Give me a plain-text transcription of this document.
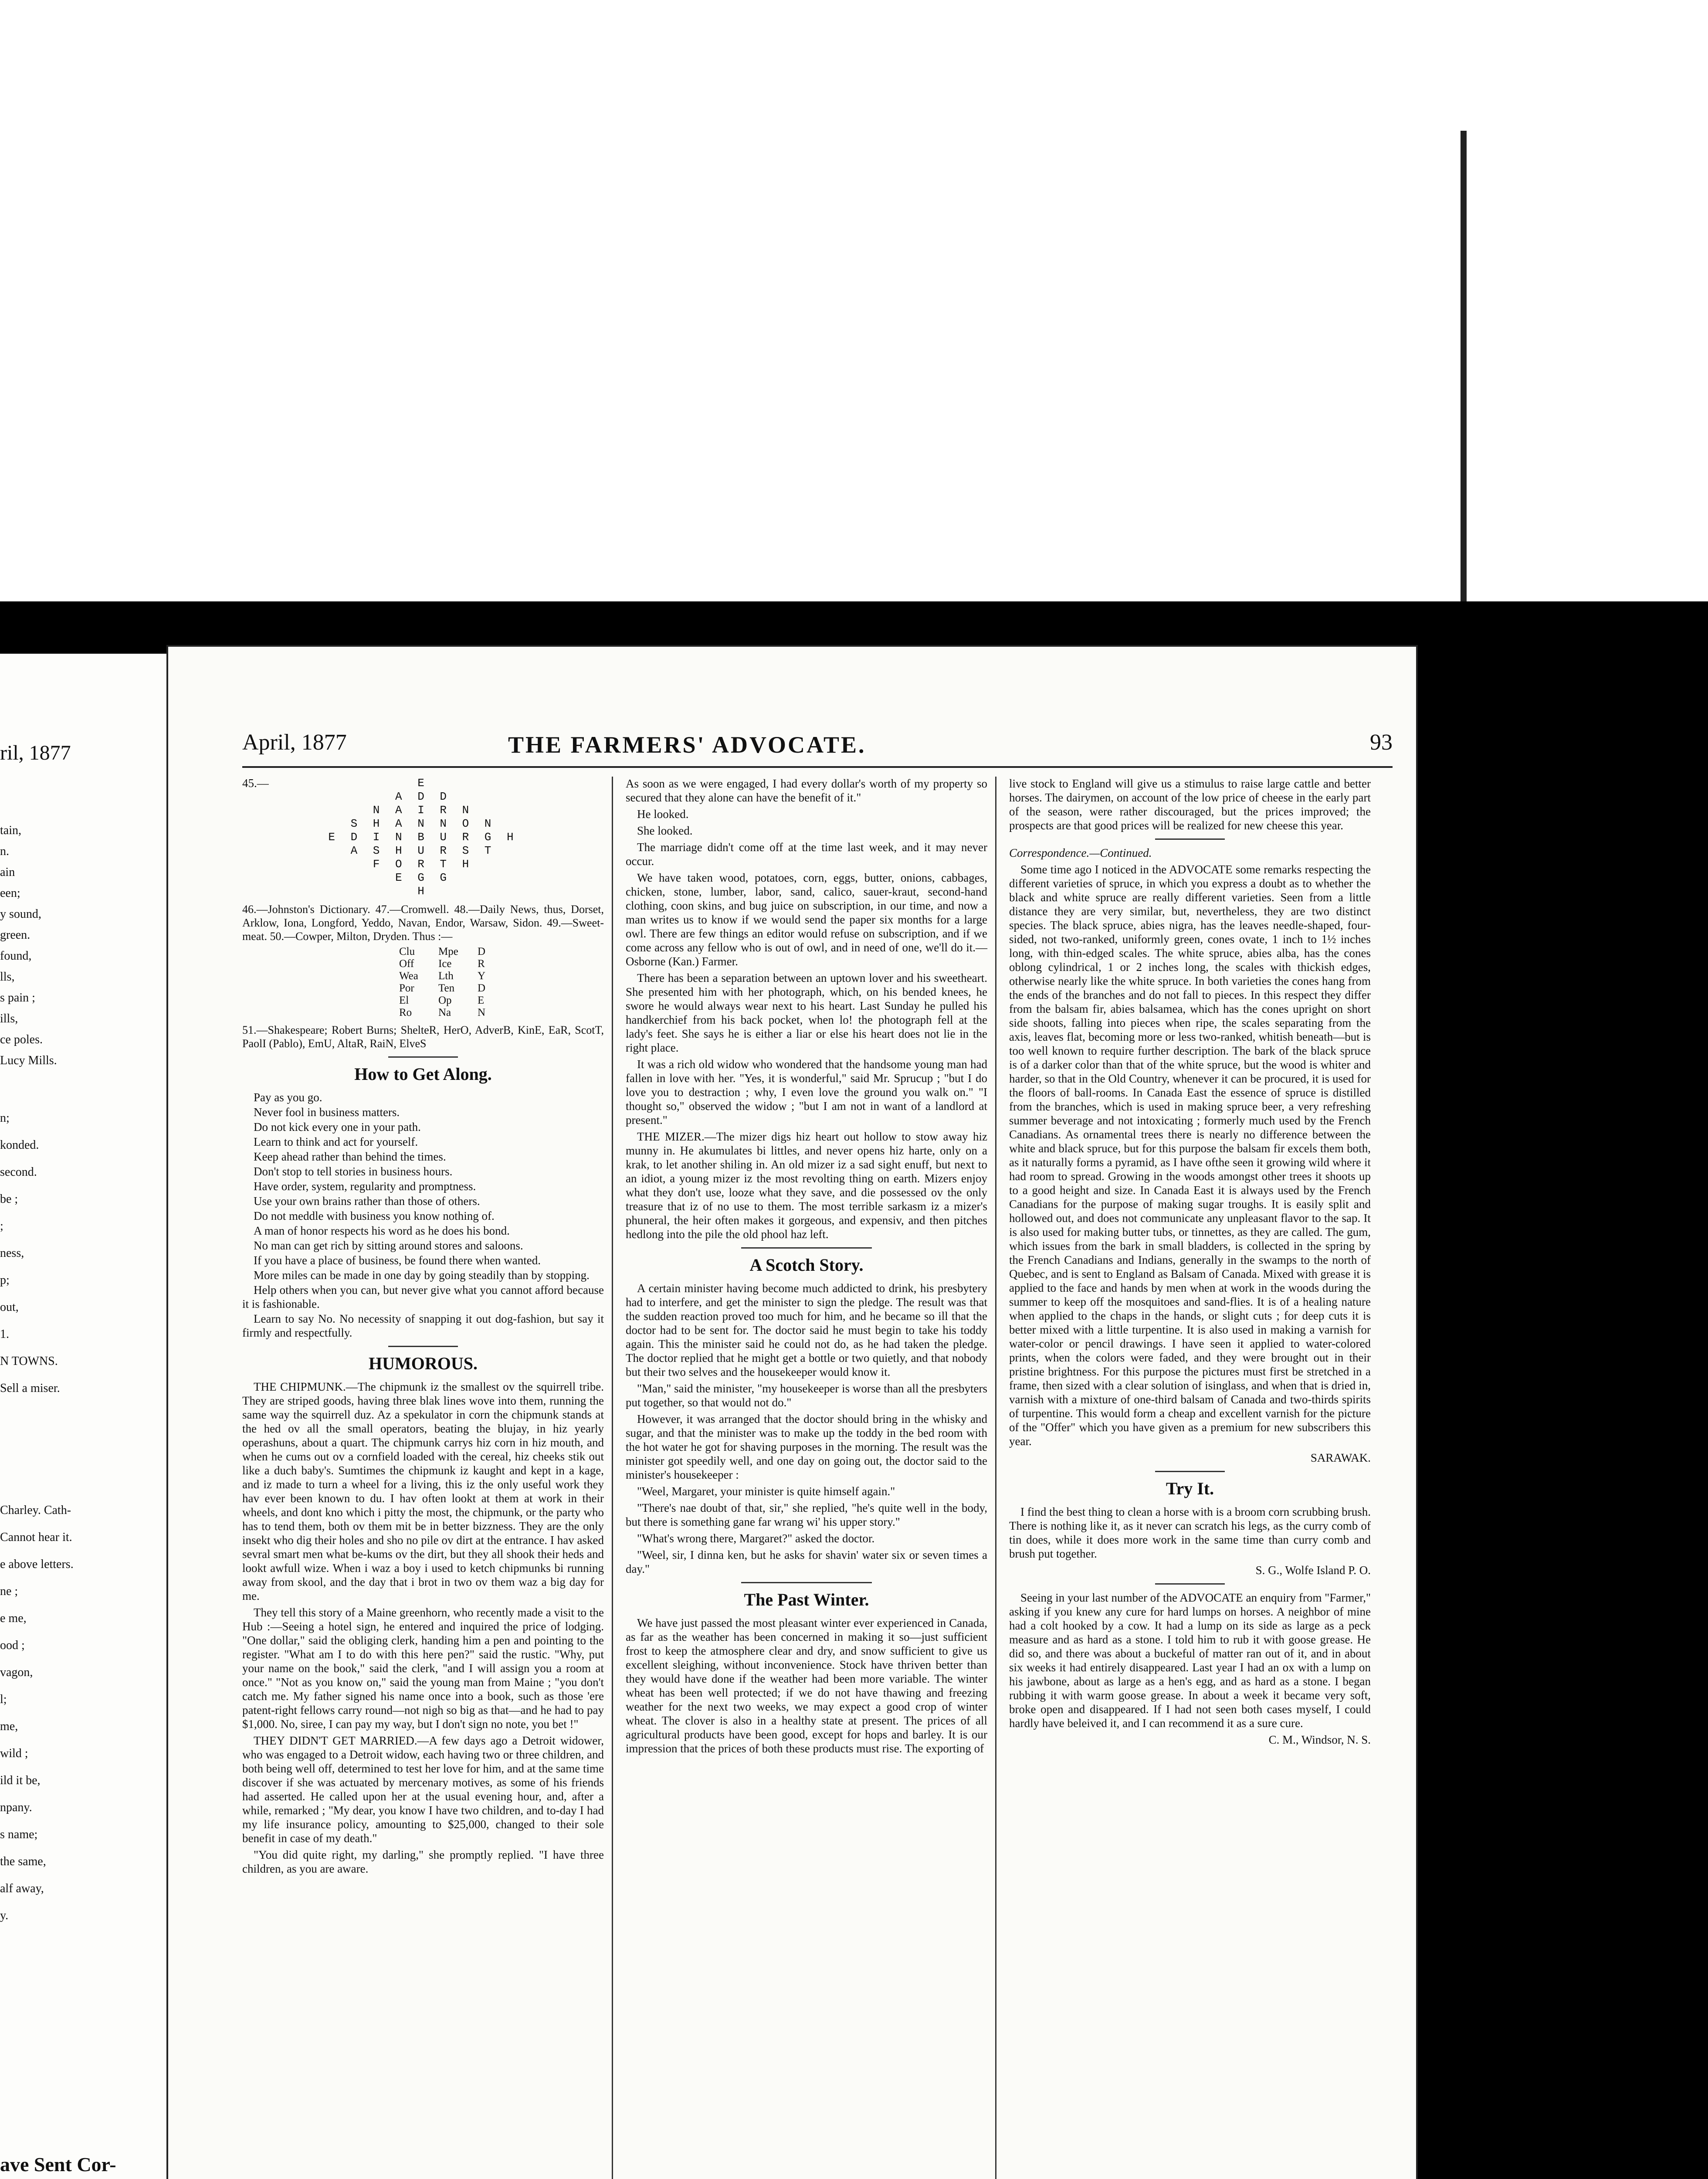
ril, 1877
tain,
n.
ain
een;
y sound,
green.
found,
lls,
s pain ;
ills,
ce poles.
Lucy Mills.
n;
konded.
second.
be ;
;
ness,
p;
out,
1.
N TOWNS.
Sell a miser.
Charley. Cath-
Cannot hear it.
e above letters.
ne ;
e me,
ood ;
vagon,
l;
me,
wild ;
ild it be,
npany.
s name;
the same,
alf away,
y.
ave Sent Cor-
April, 1877	THE FARMERS' ADVOCATE.	93
45.—	E
A D D
N A I R N
S H A N N O N
E D I N B U R G H
A S H U R S T
F O R T H
E G G
H

46.—Johnston's Dictionary. 47.—Cromwell. 48.—Daily News, thus, Dorset, Arklow, Iona, Longford, Yeddo, Navan, Endor, Warsaw, Sidon. 49.—Sweet-meat. 50.—Cowper, Milton, Dryden. Thus :—

Clu Mpe D
Off Ice R
Wea Lth Y
Por Ten D
El	Op E
Ro Na N

51.—Shakespeare; Robert Burns; SheltеR, HerO, AdverB, KinE, EaR, ScotT, PaolI (Pablo), EmU, AltaR, RaiN, ElveS

How to Get Along.

Pay as you go.

Never fool in business matters.

Do not kick every one in your path.

Learn to think and act for yourself.

Keep ahead rather than behind the times.

Don't stop to tell stories in business hours.

Have order, system, regularity and promptness.

Use your own brains rather than those of others.

Do not meddle with business you know nothing of.

A man of honor respects his word as he does his bond.

No man can get rich by sitting around stores and saloons.

If you have a place of business, be found there when wanted.

More miles can be made in one day by going steadily than by stopping.

Help others when you can, but never give what you cannot afford because it is fashionable.

Learn to say No. No necessity of snapping it out dog-fashion, but say it firmly and respectfully.

HUMOROUS.

THE CHIPMUNK.—The chipmunk iz the smallest ov the squirrell tribe. They are striped goods, having three blak lines wove into them, running the same way the squirrell duz. Az a spekulator in corn the chipmunk stands at the hed ov all the small operators, beating the blujay, in hiz yearly operashuns, about a quart. The chipmunk carrys hiz corn in hiz mouth, and when he cums out ov a cornfield loaded with the cereal, hiz cheeks stik out like a duch baby's. Sumtimes the chipmunk iz kaught and kept in a kage, and iz made to turn a wheel for a living, this iz the only useful work they hav ever been known to du. I hav often lookt at them at work in their wheels, and dont kno which i pitty the most, the chipmunk, or the party who has to tend them, both ov them mit be in better bizzness. They are the only insekt who dig their holes and sho no pile ov dirt at the entrance. I hav asked sevral smart men what be-kums ov the dirt, but they all shook their heds and lookt awfull wize. When i waz a boy i used to ketch chipmunks bi running away from skool, and the day that i brot in two ov them waz a big day for me.

They tell this story of a Maine greenhorn, who recently made a visit to the Hub :—Seeing a hotel sign, he entered and inquired the price of lodging. "One dollar," said the obliging clerk, handing him a pen and pointing to the register. "What am I to do with this here pen?" said the rustic. "Why, put your name on the book," said the clerk, "and I will assign you a room at once." "Not as you know on," said the young man from Maine ; "you don't catch me. My father signed his name once into a book, such as those 'ere patent-right fellows carry round—not nigh so big as that—and he had to pay $1,000. No, siree, I can pay my way, but I don't sign no note, you bet !"

THEY DIDN'T GET MARRIED.—A few days ago a Detroit widower, who was engaged to a Detroit widow, each having two or three children, and both being well off, determined to test her love for him, and at the same time discover if she was actuated by mercenary motives, as some of his friends had asserted. He called upon her at the usual evening hour, and, after a while, remarked ; "My dear, you know I have two children, and to-day I had my life insurance policy, amounting to $25,000, changed to their sole benefit in case of my death."

"You did quite right, my darling," she promptly replied. "I have three children, as you are aware.

As soon as we were engaged, I had every dollar's worth of my property so secured that they alone can have the benefit of it."

He looked.

She looked.

The marriage didn't come off at the time last week, and it may never occur.

We have taken wood, potatoes, corn, eggs, butter, onions, cabbages, chicken, stone, lumber, labor, sand, calico, sauer-kraut, second-hand clothing, coon skins, and bug juice on subscription, in our time, and now a man writes us to know if we would send the paper six months for a large owl. There are few things an editor would refuse on subscription, and if we come across any fellow who is out of owl, and in need of one, we'll do it.—Osborne (Kan.) Farmer.

There has been a separation between an uptown lover and his sweetheart. She presented him with her photograph, which, on his bended knees, he swore he would always wear next to his heart. Last Sunday he pulled his handkerchief from his back pocket, when lo! the photograph fell at the lady's feet. She says he is either a liar or else his heart does not lie in the right place.

It was a rich old widow who wondered that the handsome young man had fallen in love with her. "Yes, it is wonderful," said Mr. Sprucup ; "but I do love you to destraction ; why, I even love the ground you walk on." "I thought so," observed the widow ; "but I am not in want of a landlord at present."

THE MIZER.—The mizer digs hiz heart out hollow to stow away hiz munny in. He akumulates bi littles, and never opens hiz harte, only on a krak, to let another shiling in. An old mizer iz a sad sight enuff, but next to an idiot, a young mizer iz the most revolting thing on earth. Mizers enjoy what they don't use, looze what they save, and die possessed ov the only treasure that iz of no use to them. The most terrible sarkasm iz a mizer's phuneral, the heir often makes it gorgeous, and expensiv, and then pitches hedlong into the pile the old phool haz left.

A Scotch Story.

A certain minister having become much addicted to drink, his presbytery had to interfere, and get the minister to sign the pledge. The result was that the sudden reaction proved too much for him, and he became so ill that the doctor had to be sent for. The doctor said he must begin to take his toddy again. This the minister said he could not do, as he had taken the pledge. The doctor replied that he might get a bottle or two quietly, and that nobody but their two selves and the housekeeper would know it.

"Man," said the minister, "my housekeeper is worse than all the presbyters put together, so that would not do."

However, it was arranged that the doctor should bring in the whisky and sugar, and that the minister was to make up the toddy in the bed room with the hot water he got for shaving purposes in the morning. The result was the minister got speedily well, and one day on going out, the doctor said to the minister's housekeeper :

"Weel, Margaret, your minister is quite himself again."

"There's nae doubt of that, sir," she replied, "he's quite well in the body, but there is something gane far wrang wi' his upper story."

"What's wrong there, Margaret?" asked the doctor.

"Weel, sir, I dinna ken, but he asks for shavin' water six or seven times a day."

The Past Winter.

We have just passed the most pleasant winter ever experienced in Canada, as far as the weather has been concerned in making it so—just sufficient frost to keep the atmosphere clear and dry, and snow sufficient to give us excellent sleighing, without inconvenience. Stock have thriven better than they would have done if the weather had been more variable. The winter wheat has been well protected; if we do not have thawing and freezing weather for the next two weeks, we may expect a good crop of winter wheat. The clover is also in a healthy state at present. The prices of all agricultural products have been good, except for hops and barley. It is our impression that the prices of both these products must rise. The exporting of

live stock to England will give us a stimulus to raise large cattle and better horses. The dairymen, on account of the low price of cheese in the early part of the season, were rather discouraged, but the prices improved; the prospects are that good prices will be realized for new cheese this year.

Correspondence.—Continued.

Some time ago I noticed in the ADVOCATE some remarks respecting the different varieties of spruce, in which you express a doubt as to whether the black and white spruce are really different varieties. Seen from a little distance they are very similar, but, nevertheless, they are two distinct species. The black spruce, abies nigra, has the leaves needle-shaped, four-sided, not two-ranked, uniformly green, cones ovate, 1 inch to 1½ inches long, with thin-edged scales. The white spruce, abies alba, has the cones oblong cylindrical, 1 or 2 inches long, the scales with thickish edges, otherwise nearly like the white spruce. In both varieties the cones hang from the ends of the branches and do not fall to pieces. In this respect they differ from the balsam fir, abies balsamea, which has the cones upright on short side shoots, falling into pieces when ripe, the scales separating from the axis, leaves flat, becoming more or less two-ranked, whitish beneath—but is too well known to require further description. The bark of the black spruce is of a darker color than that of the white spruce, but the wood is whiter and harder, so that in the Old Country, whenever it can be procured, it is used for the floors of ball-rooms. In Canada East the essence of spruce is distilled from the branches, which is used in making spruce beer, a very refreshing summer beverage and not intoxicating ; formerly much used by the French Canadians. As ornamental trees there is nearly no difference between the white and black spruce, but for this purpose the balsam fir excels them both, as it naturally forms a pyramid, as I have ofthe seen it growing wild where it had room to spread. Growing in the woods amongst other trees it shoots up to a good height and size. In Canada East it is always used by the French Canadians for the purpose of making sugar troughs. It is easily split and hollowed out, and does not communicate any unpleasant flavor to the sap. It is also used for making butter tubs, or tinnettes, as they are called. The gum, which issues from the bark in small bladders, is collected in the spring by the French Canadians and Indians, generally in the swamps to the north of Quebec, and is sent to England as Balsam of Canada. Mixed with grease it is applied to the face and hands by men when at work in the woods during the summer to keep off the mosquitoes and sand-flies. It is of a healing nature when applied to the chaps in the hands, or slight cuts ; for deep cuts it is better mixed with a little turpentine. It is also used in making a varnish for water-color or pencil drawings. I have seen it applied to water-colored prints, when the colors were faded, and they were brought out in their pristine brightness. For this purpose the pictures must first be stretched in a frame, then sized with a clear solution of isinglass, and when that is dried in, varnish with a mixture of one-third balsam of Canada and two-thirds spirits of turpentine. This would form a cheap and excellent varnish for the picture of the "Offer" which you have given as a premium for new subscribers this year.

SARAWAK.

Try It.

I find the best thing to clean a horse with is a broom corn scrubbing brush. There is nothing like it, as it never can scratch his legs, as the curry comb of tin does, while it does more work in the same time than curry comb and brush put together.

S. G., Wolfe Island P. O.

Seeing in your last number of the ADVOCATE an enquiry from "Farmer," asking if you knew any cure for hard lumps on horses. A neighbor of mine had a colt hooked by a cow. It had a lump on its side as large as a peck measure and as hard as a stone. I told him to rub it with goose grease. He did so, and there was about a buckeful of matter ran out of it, and in about six weeks it had entirely disappeared. Last year I had an ox with a lump on his jawbone, about as large as a hen's egg, and as hard as a stone. I began rubbing it with warm goose grease. In about a week it became very soft, broke open and disappeared. If I had not seen both cases myself, I could hardly have beleived it, and I can recommend it as a sure cure.

C. M., Windsor, N. S.
